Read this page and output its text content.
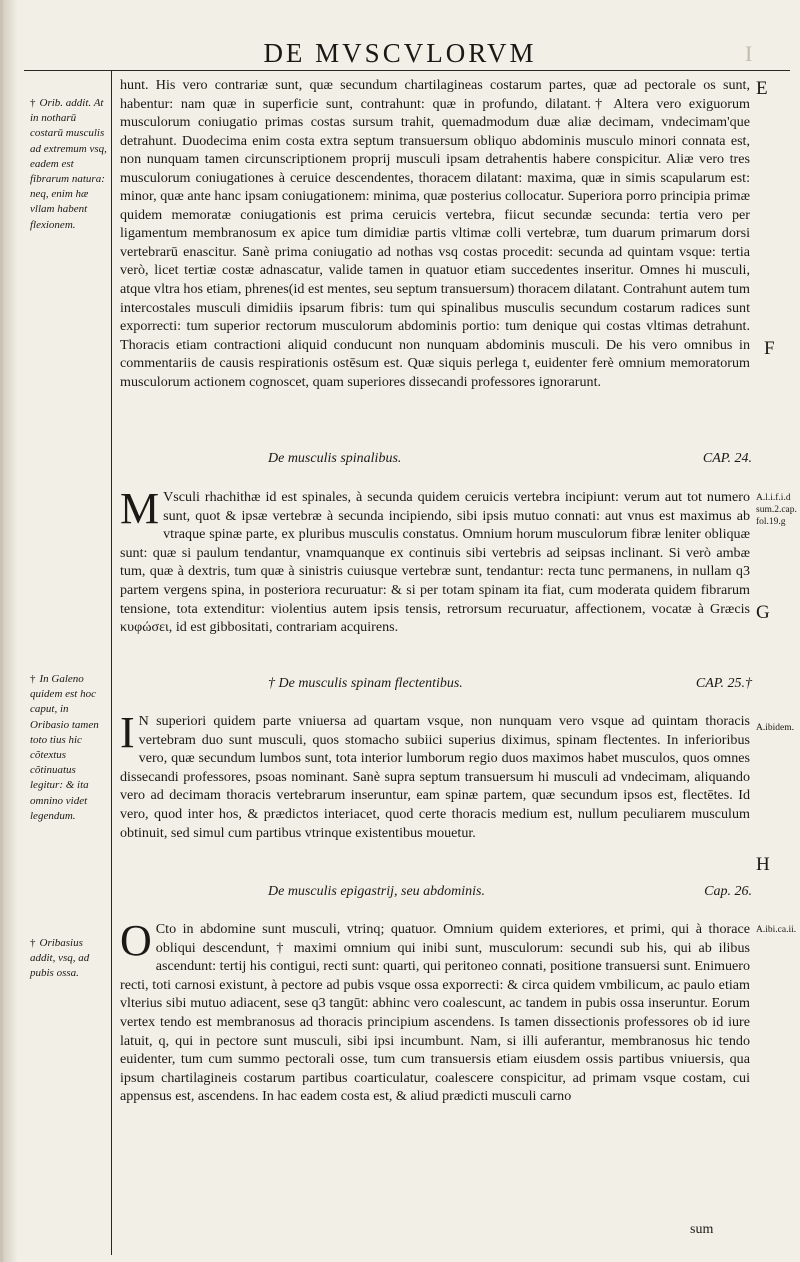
DE MVSCVLORVM	I

hunt. His vero contrariæ sunt, quæ secundum chartilagineas costarum partes, quæ ad pectorale os sunt, habentur: nam quæ in superficie sunt, contrahunt: quæ in profundo, dilatant.† Altera vero exiguorum musculorum coniugatio primas costas sursum trahit, quemadmodum duæ aliæ decimam, vndecimam'que detrahunt. Duodecima enim costa extra septum transuersum obliquo abdominis musculo minori connata est, non nunquam tamen circunscriptionem proprij musculi ipsam detrahentis habere conspicitur. Aliæ vero tres musculorum coniugationes à ceruice descendentes, thoracem dilatant: maxima, quæ in simis scapularum est: minor, quæ ante hanc ipsam coniugationem: minima, quæ posterius collocatur. Superiora porro principia primæ quidem memoratæ coniugationis est prima ceruicis vertebra, fiicut secundæ secunda: tertia vero per ligamentum membranosum ex apice tum dimidiæ partis vltimæ colli vertebræ, tum duarum primarum dorsi vertebrarū enascitur. Sanè prima coniugatio ad nothas vsq costas procedit: secunda ad quintam vsque: tertia verò, licet tertiæ costæ adnascatur, valide tamen in quatuor etiam succedentes inseritur. Omnes hi musculi, atque vltra hos etiam, phrenes(id est mentes, seu septum transuersum) thoracem dilatant. Contrahunt autem tum intercostales musculi dimidiis ipsarum fibris: tum qui spinalibus musculis secundum costarum radices sunt exporrecti: tum superior rectorum musculorum abdominis portio: tum denique qui costas vltimas detrahunt. Thoracis etiam contractioni aliquid conducunt non nunquam abdominis musculi. De his vero omnibus in commentariis de causis respirationis ostēsum est. Quæ siquis perlega t, euidenter ferè omnium memoratorum musculorum actionem cognoscet, quam superiores dissecandi professores ignorarunt.

De musculis spinalibus.	CAP. 24.
M Vsculi rhachithæ id est spinales, à secunda quidem ceruicis vertebra incipiunt: verum aut tot numero sunt, quot & ipsæ vertebræ à secunda incipiendo, sibi ipsis mutuo connati: aut vnus est maximus ab vtraque spinæ parte, ex pluribus musculis constatus. Omnium horum musculorum fibræ leniter obliquæ sunt: quæ si paulum tendantur, vnamquanque ex continuis sibi vertebris ad seipsas inclinant. Si verò ambæ tum, quæ à dextris, tum quæ à sinistris cuiusque vertebræ sunt, tendantur: recta tunc permanens, in nullam q3 partem vergens spina, in posteriora recuruatur: & si per totam spinam ita fiat, cum moderata quidem fibrarum tensione, tota extenditur: violentius autem ipsis tensis, retrorsum recuruatur, affectionem, vocatæ à Græcis κυφώσει, id est gibbositati, contrariam acquirens.
† De musculis spinam flectentibus.	CAP. 25.†
I N superiori quidem parte vniuersa ad quartam vsque, non nunquam vero vsque ad quintam thoracis vertebram duo sunt musculi, quos stomacho subiici superius diximus, spinam flectentes. In inferioribus vero, quæ secundum lumbos sunt, tota interior lumborum regio duos maximos habet musculos, quos omnes dissecandi professores, psoas nominant. Sanè supra septum transuersum hi musculi ad vndecimam, aliquando vero ad decimam thoracis vertebrarum inseruntur, eam spinæ partem, quæ secundum ipsos est, flectētes. Id vero, quod inter hos, & prædictos interiacet, quod certe thoracis medium est, nullum peculiarem musculum obtinuit, sed simul cum partibus vtrinque existentibus mouetur.
De musculis epigastrij, seu abdominis.	Cap. 26.
O Cto in abdomine sunt musculi, vtrinq; quatuor. Omnium quidem exteriores, et primi, qui à thorace obliqui descendunt, † maximi omnium qui inibi sunt, musculorum: secundi sub his, qui ab ilibus ascendunt: tertij his contigui, recti sunt: quarti, qui peritoneo connati, positione transuersi sunt. Enimuero recti, toti carnosi existunt, à pectore ad pubis vsque ossa exporrecti: & circa quidem vmbilicum, ac paulo etiam vlterius sibi mutuo adiacent, sese q3 tangūt: abhinc vero coalescunt, ac tandem in pubis ossa inseruntur. Eorum vertex tendo est membranosus ad thoracis principium ascendens. Is tamen dissectionis professores ob id iure latuit, q, qui in pectore sunt musculi, sibi ipsi incumbunt. Nam, si illi auferantur, membranosus hic tendo euidenter, tum cum summo pectorali osse, tum cum transuersis etiam eiusdem ossis partibus vniuersis, qua ipsum chartilagineis costarum partibus coarticulatur, coalescere conspicitur, ad primam vsque costam, cui appensus est, ascendens. In hac eadem costa est, & aliud prædicti musculi carno
sum
† Orib. addit. At in notharū costarū musculis ad extremum vsq, eadem est fibrarum natura: neq, enim hæ vllam habent flexionem.
† In Galeno quidem est hoc caput, in Oribasio tamen toto tius hic cõtextus cõtinuatus legitur: & ita omnino videt legendum.
† Oribasius addit, vsq, ad pubis ossa.
A.l.i.f.i.d sum.2.cap. fol.19.g
A.ibidem.
A.ibi.ca.ii.
E
F
G
H
